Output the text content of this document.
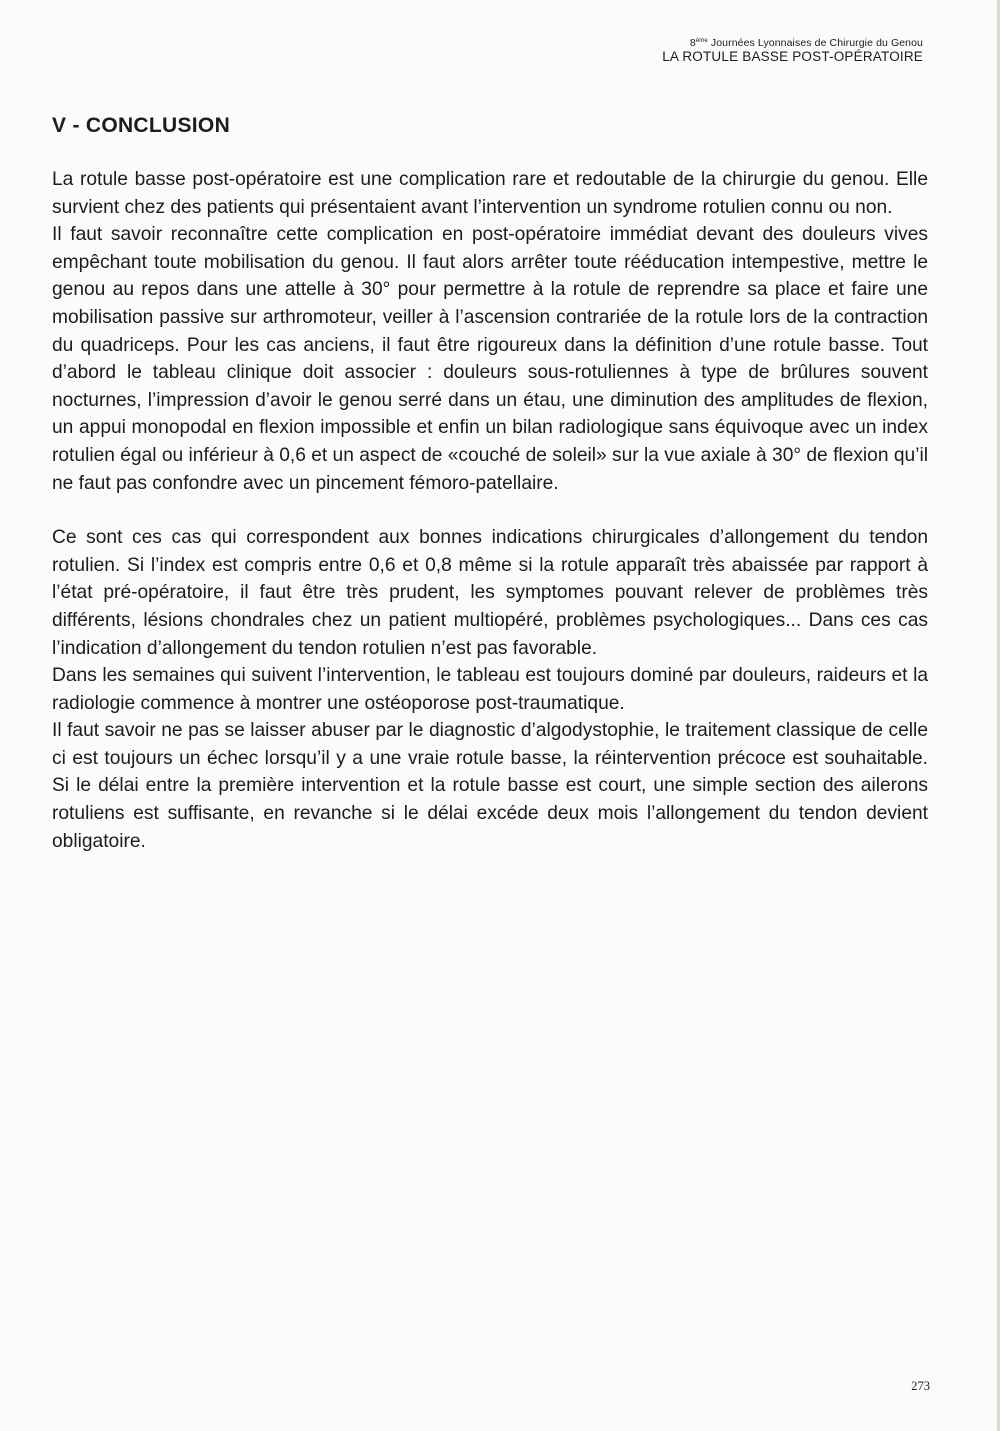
8ème Journées Lyonnaises de Chirurgie du Genou
LA ROTULE BASSE POST-OPÉRATOIRE
V - CONCLUSION

La rotule basse post-opératoire est une complication rare et redoutable de la chirurgie du genou. Elle survient chez des patients qui présentaient avant l’intervention un syndrome rotulien connu ou non.

Il faut savoir reconnaître cette complication en post-opératoire immédiat devant des douleurs vives empêchant toute mobilisation du genou. Il faut alors arrêter toute rééducation intempestive, mettre le genou au repos dans une attelle à 30° pour permettre à la rotule de reprendre sa place et faire une mobilisation passive sur arthromoteur, veiller à l’ascension contrariée de la rotule lors de la contraction du quadriceps. Pour les cas anciens, il faut être rigoureux dans la définition d’une rotule basse. Tout d’abord le tableau clinique doit associer : douleurs sous-rotuliennes à type de brûlures souvent nocturnes, l’impression d’avoir le genou serré dans un étau, une diminution des amplitudes de flexion, un appui monopodal en flexion impossible et enfin un bilan radiologique sans équivoque avec un index rotulien égal ou inférieur à 0,6 et un aspect de «couché de soleil» sur la vue axiale à 30° de flexion qu’il ne faut pas confondre avec un pincement fémoro-patellaire.

Ce sont ces cas qui correspondent aux bonnes indications chirurgicales d’allongement du tendon rotulien. Si l’index est compris entre 0,6 et 0,8 même si la rotule apparaît très abaissée par rapport à l’état pré-opératoire, il faut être très prudent, les symptomes pouvant relever de problèmes très différents, lésions chondrales chez un patient multiopéré, problèmes psychologiques... Dans ces cas l’indication d’allongement du tendon rotulien n’est pas favorable.

Dans les semaines qui suivent l’intervention, le tableau est toujours dominé par douleurs, raideurs et la radiologie commence à montrer une ostéoporose post-traumatique.

Il faut savoir ne pas se laisser abuser par le diagnostic d’algodystophie, le traitement classique de celle ci est toujours un échec lorsqu’il y a une vraie rotule basse, la réintervention précoce est souhaitable. Si le délai entre la première intervention et la rotule basse est court, une simple section des ailerons rotuliens est suffisante, en revanche si le délai excéde deux mois l’allongement du tendon devient obligatoire.

273
